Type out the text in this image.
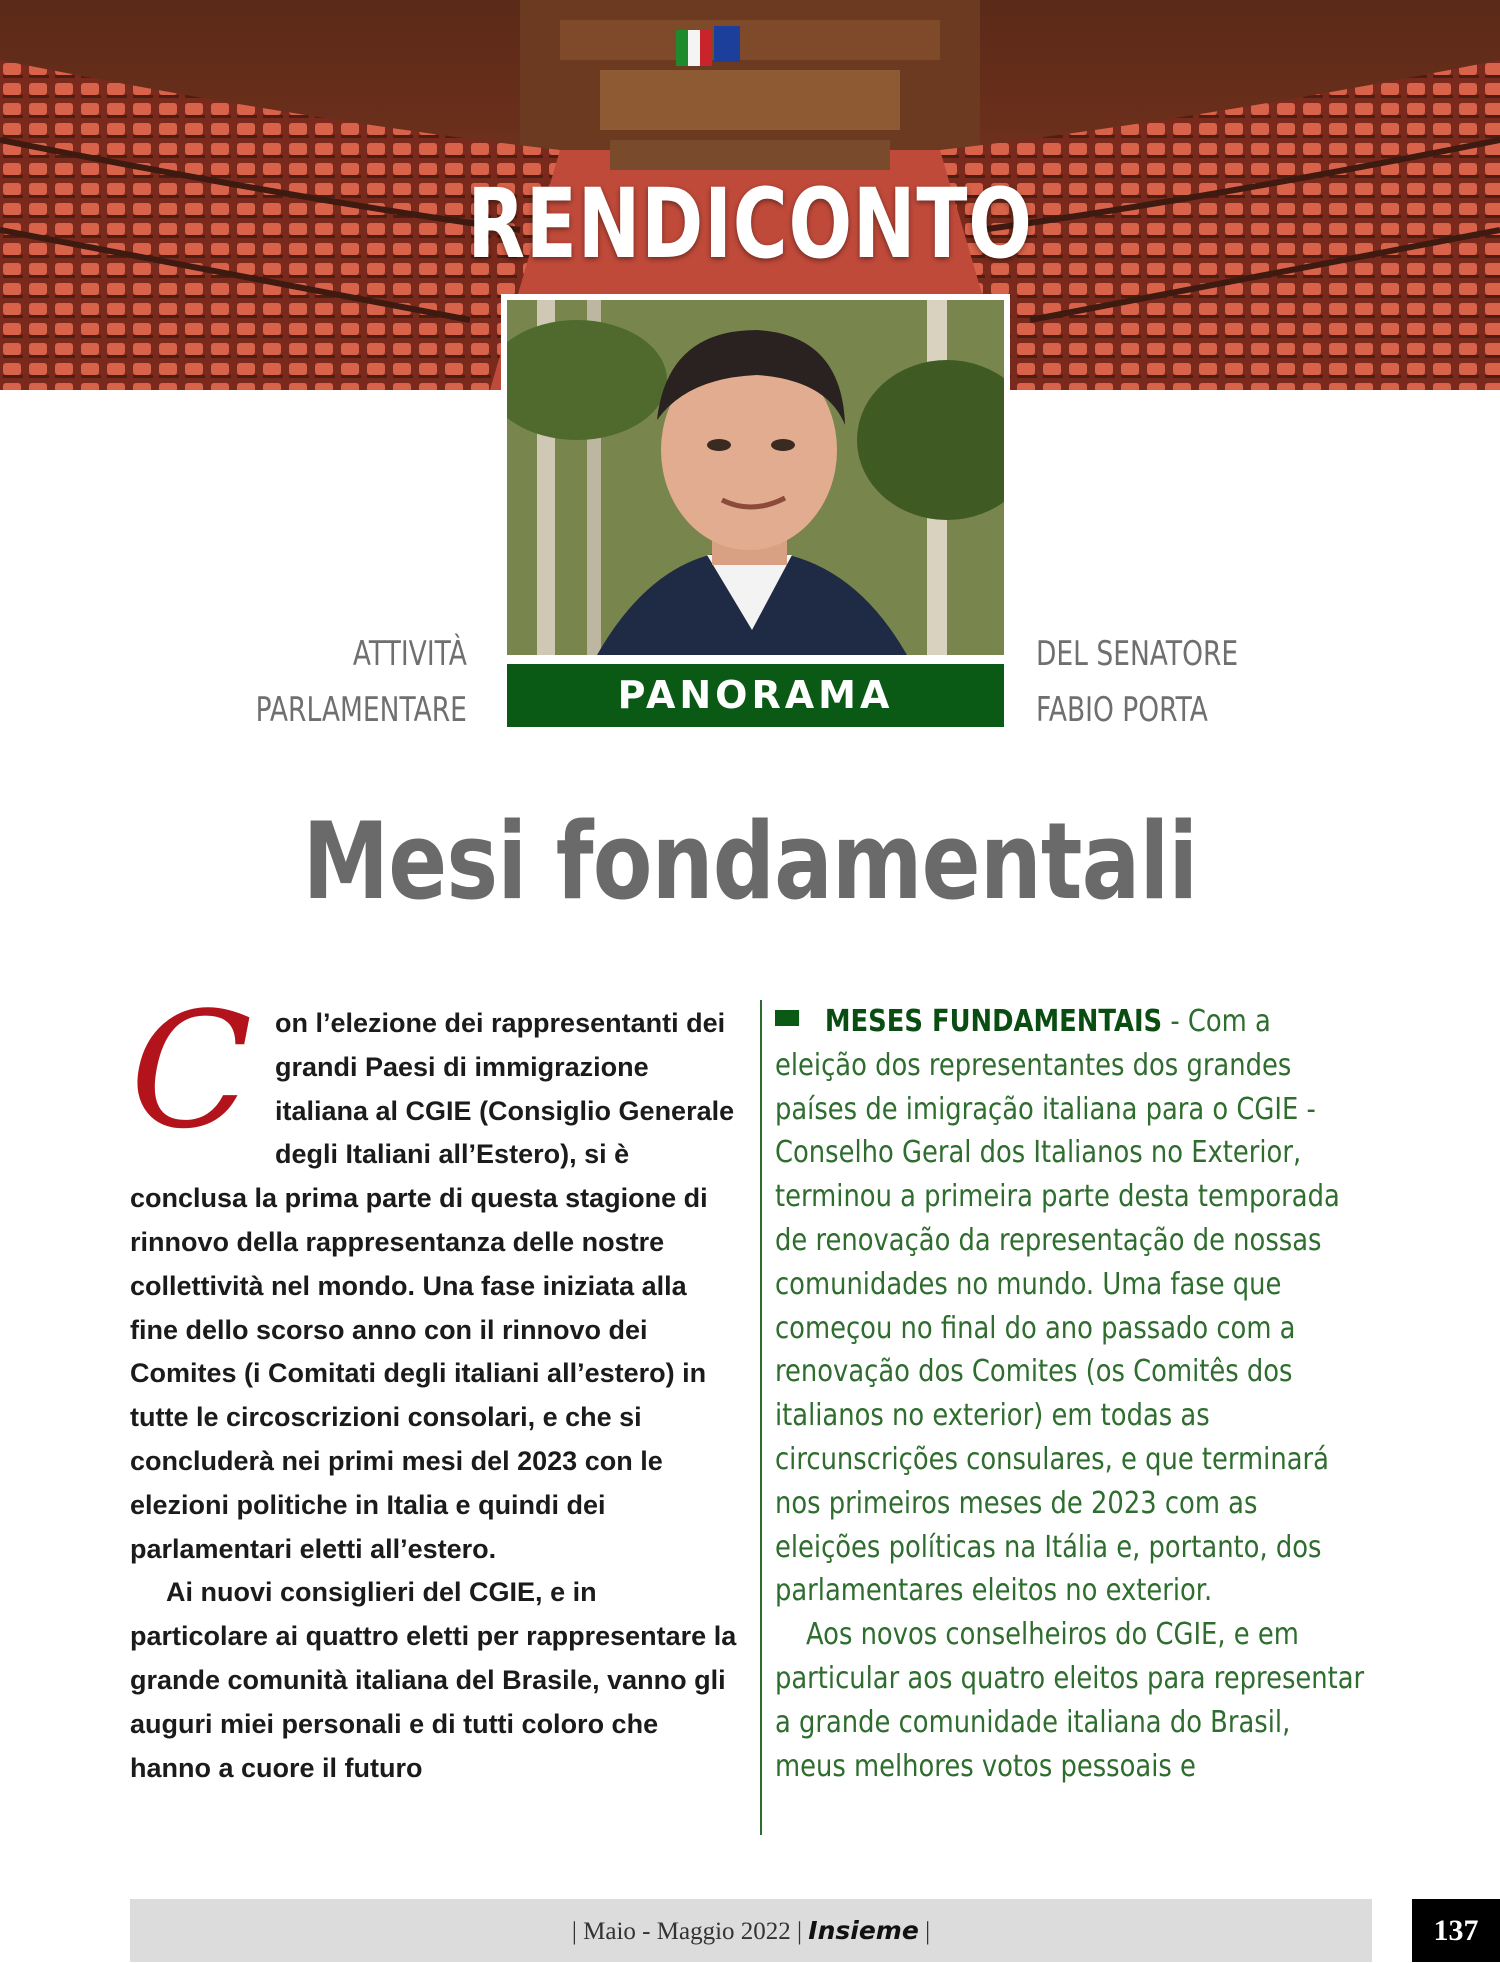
RENDICONTO
ATTIVITÀ
PARLAMENTARE
DEL SENATORE
FABIO PORTA
PANORAMA
Mesi fondamentali

Con l’elezione dei rappresentanti dei grandi Paesi di immigrazione italiana al CGIE (Consiglio Generale degli Italiani all’Estero), si è conclusa la prima parte di questa stagione di rinnovo della rappresentanza delle nostre collettività nel mondo. Una fase iniziata alla fine dello scorso anno con il rinnovo dei Comites (i Comitati degli italiani all’estero) in tutte le circoscrizioni consolari, e che si concluderà nei primi mesi del 2023 con le elezioni politiche in Italia e quindi dei parlamentari eletti all’estero.

Ai nuovi consiglieri del CGIE, e in particolare ai quattro eletti per rappresentare la grande comunità italiana del Brasile, vanno gli auguri miei personali e di tutti coloro che hanno a cuore il futuro

MESES FUNDAMENTAIS - Com a eleição dos representantes dos grandes países de imigração italiana para o CGIE - Conselho Geral dos Italianos no Exterior, terminou a primeira parte desta temporada de renovação da representação de nossas comunidades no mundo. Uma fase que começou no final do ano passado com a renovação dos Comites (os Comitês dos italianos no exterior) em todas as circunscrições consulares, e que terminará nos primeiros meses de 2023 com as eleições políticas na Itália e, portanto, dos parlamentares eleitos no exterior.

Aos novos conselheiros do CGIE, e em particular aos quatro eleitos para representar a grande comunidade italiana do Brasil, meus melhores votos pessoais e

| Maio - Maggio 2022 | Insieme |	137
